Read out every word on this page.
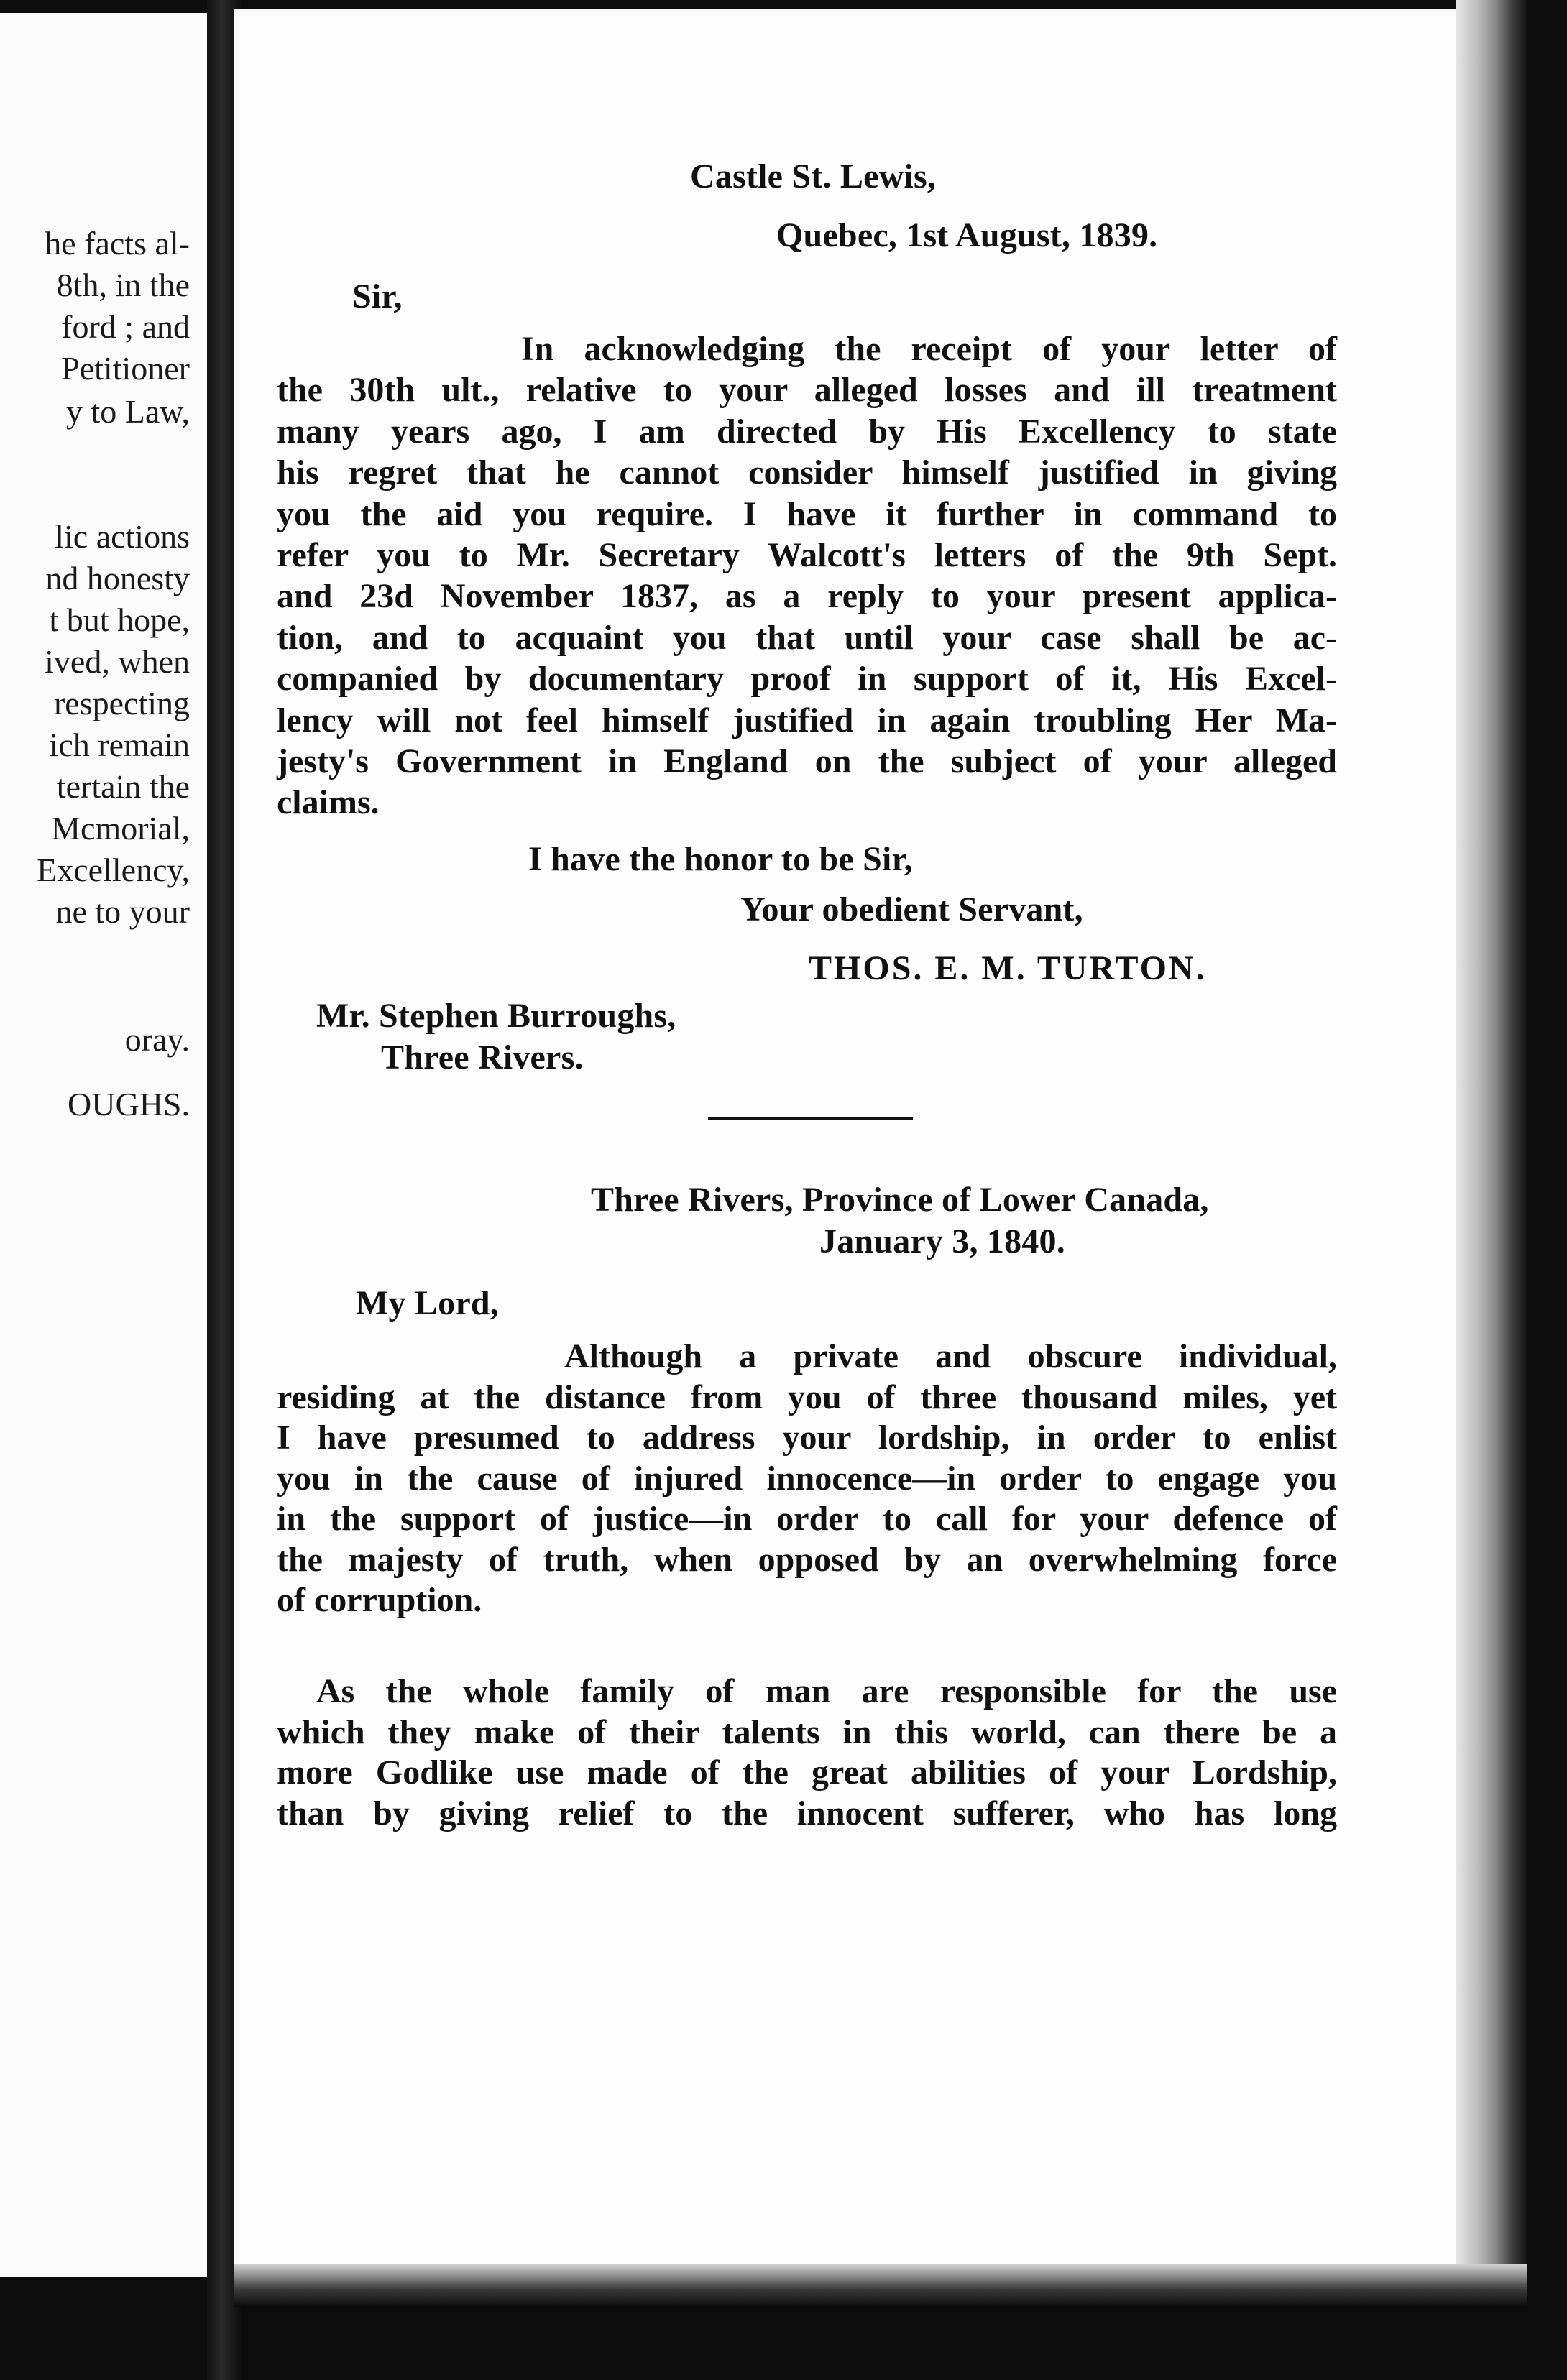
he facts al-
8th, in the
ford ; and
Petitioner
y to Law,
lic actions
nd honesty
t but hope,
ived, when
respecting
ich remain
tertain the
Mcmorial,
Excellency,
ne to your
oray.
OUGHS.
Castle St. Lewis,
Quebec, 1st August, 1839.
Sir,
In acknowledging the receipt of your letter of
the 30th ult., relative to your alleged losses and ill treatment
many years ago, I am directed by His Excellency to state
his regret that he cannot consider himself justified in giving
you the aid you require. I have it further in command to
refer you to Mr. Secretary Walcott's letters of the 9th Sept.
and 23d November 1837, as a reply to your present applica-
tion, and to acquaint you that until your case shall be ac-
companied by documentary proof in support of it, His Excel-
lency will not feel himself justified in again troubling Her Ma-
jesty's Government in England on the subject of your alleged
claims.
I have the honor to be Sir,
Your obedient Servant,
THOS. E. M. TURTON.
Mr. Stephen Burroughs,
Three Rivers.
Three Rivers, Province of Lower Canada,
January 3, 1840.
My Lord,
Although a private and obscure individual,
residing at the distance from you of three thousand miles, yet
I have presumed to address your lordship, in order to enlist
you in the cause of injured innocence—in order to engage you
in the support of justice—in order to call for your defence of
the majesty of truth, when opposed by an overwhelming force
of corruption.
As the whole family of man are responsible for the use
which they make of their talents in this world, can there be a
more Godlike use made of the great abilities of your Lordship,
than by giving relief to the innocent sufferer, who has long
